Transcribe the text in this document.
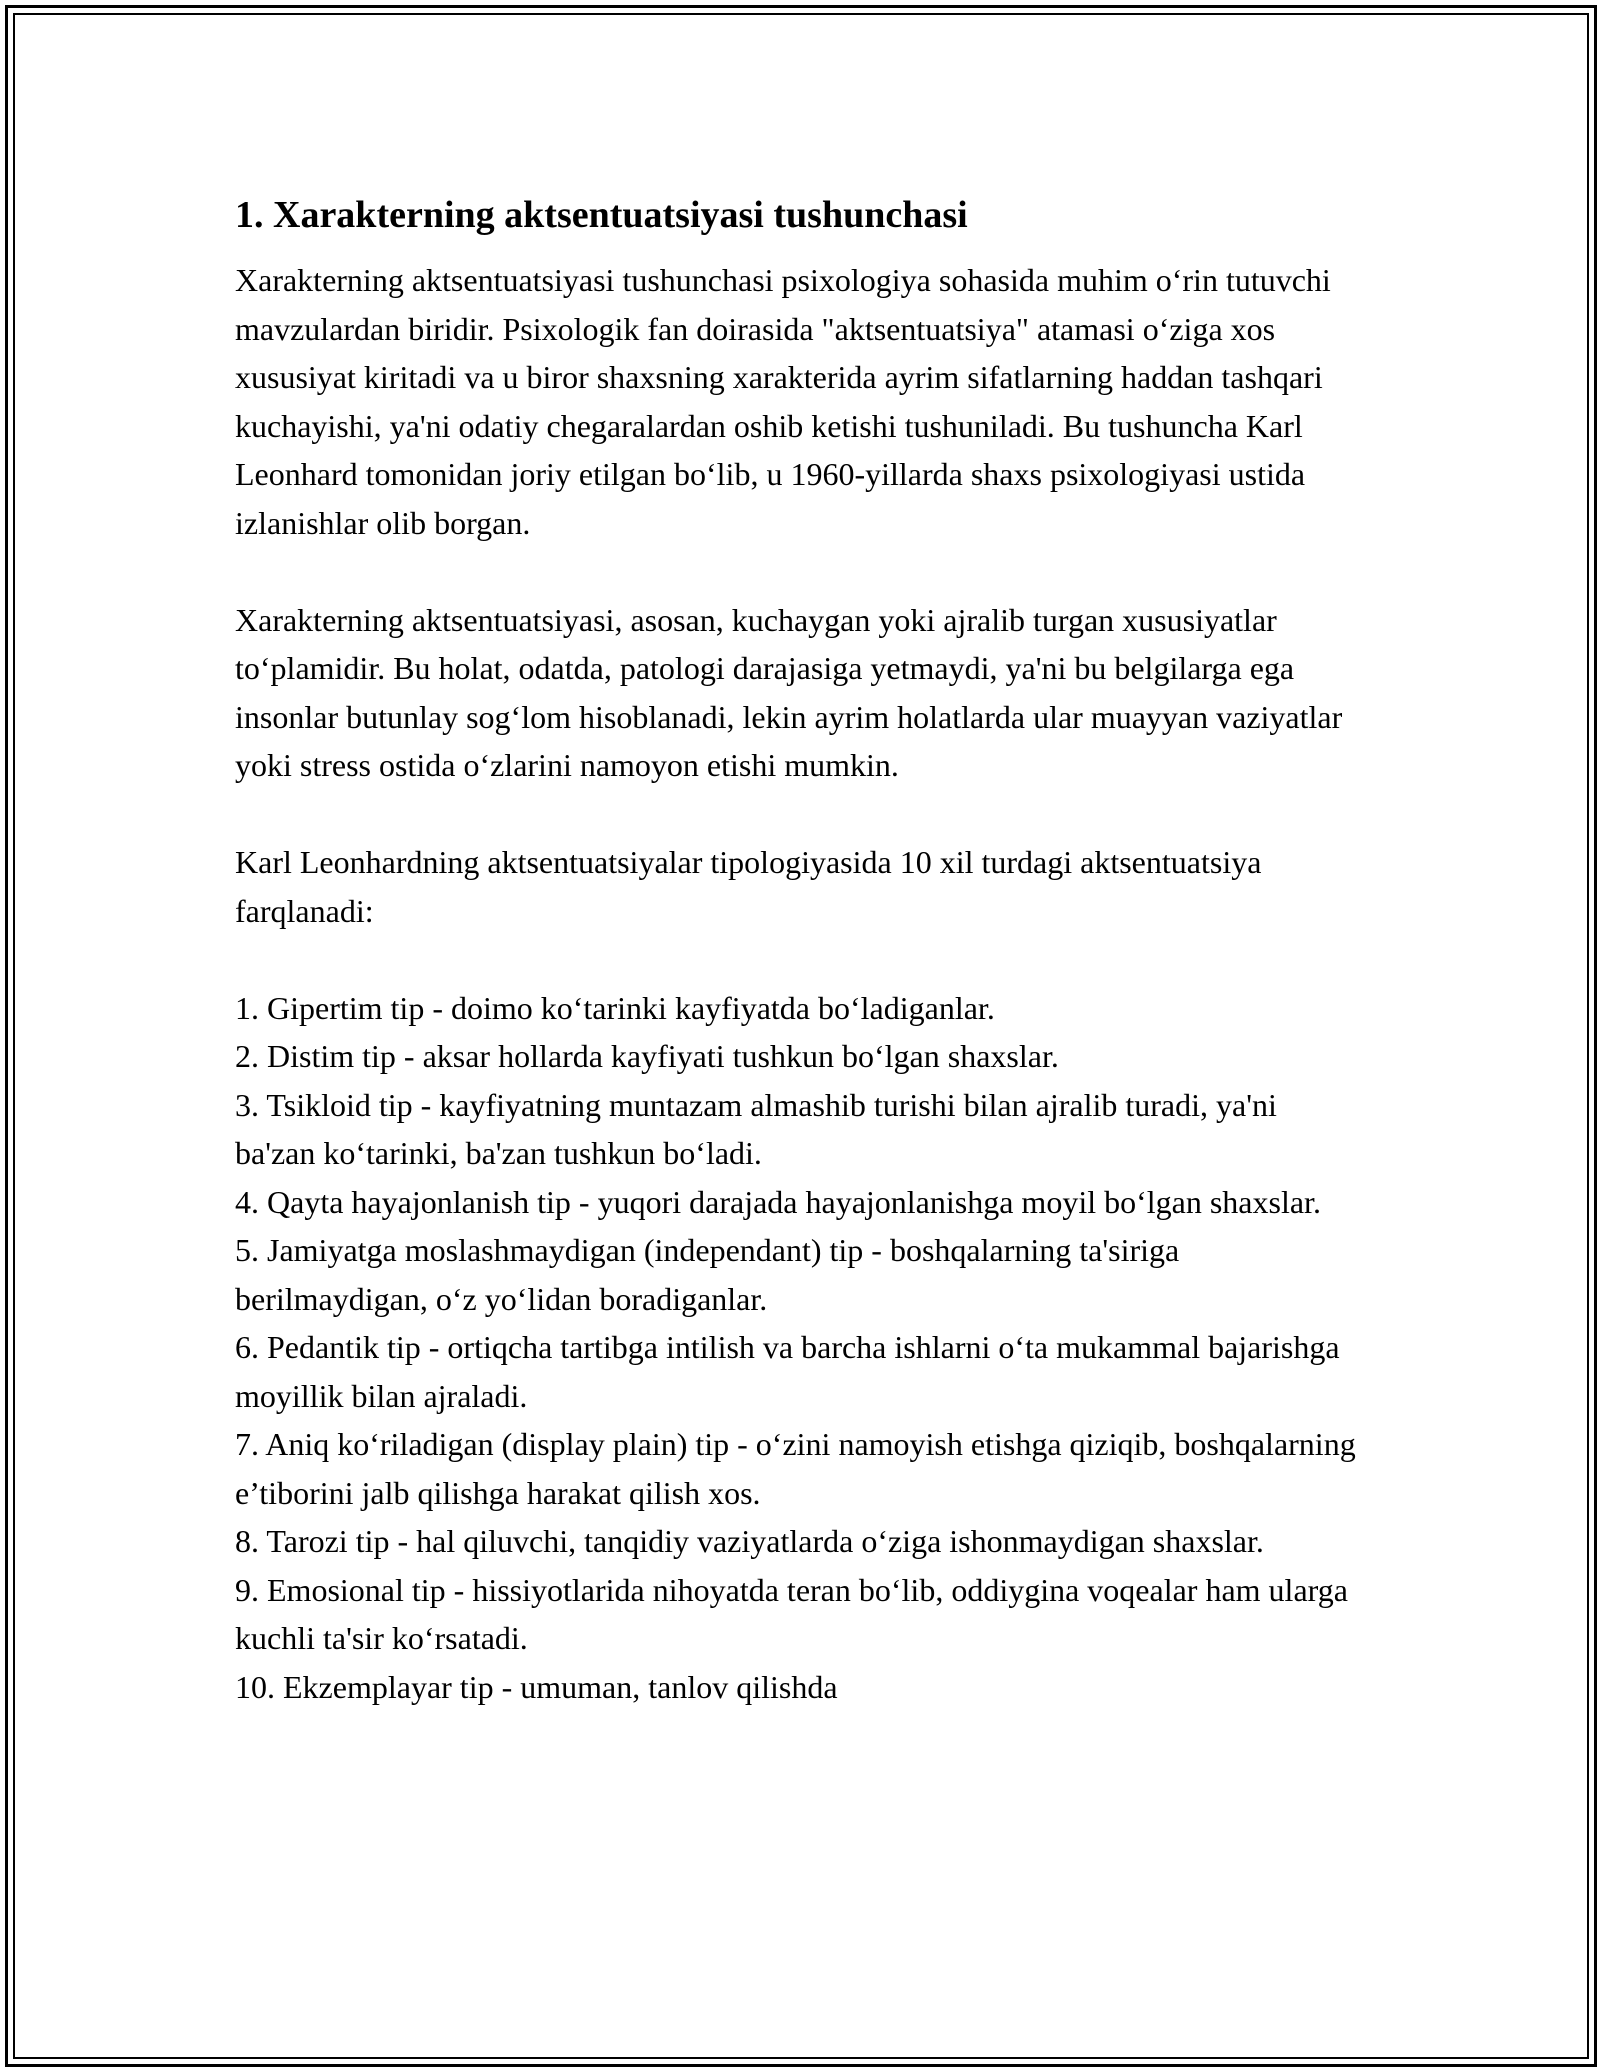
1. Xarakterning aktsentuatsiyasi tushunchasi

Xarakterning aktsentuatsiyasi tushunchasi psixologiya sohasida muhim o‘rin tutuvchi mavzulardan biridir. Psixologik fan doirasida "aktsentuatsiya" atamasi o‘ziga xos xususiyat kiritadi va u biror shaxsning xarakterida ayrim sifatlarning haddan tashqari kuchayishi, ya'ni odatiy chegaralardan oshib ketishi tushuniladi. Bu tushuncha Karl Leonhard tomonidan joriy etilgan bo‘lib, u 1960-yillarda shaxs psixologiyasi ustida izlanishlar olib borgan.

Xarakterning aktsentuatsiyasi, asosan, kuchaygan yoki ajralib turgan xususiyatlar to‘plamidir. Bu holat, odatda, patologi darajasiga yetmaydi, ya'ni bu belgilarga ega insonlar butunlay sog‘lom hisoblanadi, lekin ayrim holatlarda ular muayyan vaziyatlar yoki stress ostida o‘zlarini namoyon etishi mumkin.

Karl Leonhardning aktsentuatsiyalar tipologiyasida 10 xil turdagi aktsentuatsiya farqlanadi:

1. Gipertim tip - doimo ko‘tarinki kayfiyatda bo‘ladiganlar.
2. Distim tip - aksar hollarda kayfiyati tushkun bo‘lgan shaxslar.
3. Tsikloid tip - kayfiyatning muntazam almashib turishi bilan ajralib turadi, ya'ni ba'zan ko‘tarinki, ba'zan tushkun bo‘ladi.
4. Qayta hayajonlanish tip - yuqori darajada hayajonlanishga moyil bo‘lgan shaxslar.
5. Jamiyatga moslashmaydigan (independant) tip - boshqalarning ta'siriga berilmaydigan, o‘z yo‘lidan boradiganlar.
6. Pedantik tip - ortiqcha tartibga intilish va barcha ishlarni o‘ta mukammal bajarishga moyillik bilan ajraladi.
7. Aniq ko‘riladigan (display plain) tip - o‘zini namoyish etishga qiziqib, boshqalarning e’tiborini jalb qilishga harakat qilish xos.
8. Tarozi tip - hal qiluvchi, tanqidiy vaziyatlarda o‘ziga ishonmaydigan shaxslar.
9. Emosional tip - hissiyotlarida nihoyatda teran bo‘lib, oddiygina voqealar ham ularga kuchli ta'sir ko‘rsatadi.
10. Ekzemplayar tip - umuman, tanlov qilishda
